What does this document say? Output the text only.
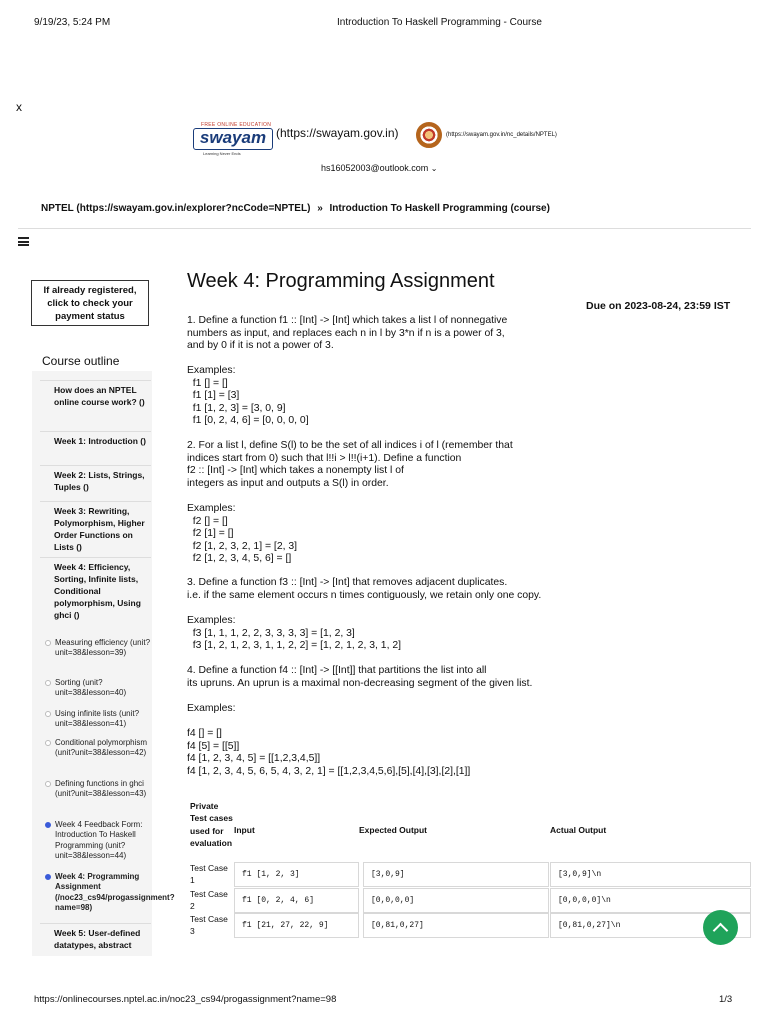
9/19/23, 5:24 PM	Introduction To Haskell Programming - Course
x
FREE ONLINE EDUCATION
swayam
Learning Never Ends
(https://swayam.gov.in)	(https://swayam.gov.in/nc_details/NPTEL)
hs16052003@outlook.com ⌄
NPTEL (https://swayam.gov.in/explorer?ncCode=NPTEL) » Introduction To Haskell Programming (course)
If already registered, click to check your payment status
Course outline
How does an NPTEL online course work? ()
Week 1: Introduction ()
Week 2: Lists, Strings, Tuples ()
Week 3: Rewriting, Polymorphism, Higher Order Functions on Lists ()
Week 4: Efficiency, Sorting, Infinite lists, Conditional polymorphism, Using ghci ()
Measuring efficiency (unit?unit=38&lesson=39)
Sorting (unit?unit=38&lesson=40)
Using infinite lists (unit?unit=38&lesson=41)
Conditional polymorphism (unit?unit=38&lesson=42)
Defining functions in ghci (unit?unit=38&lesson=43)
Week 4 Feedback Form: Introduction To Haskell Programming (unit?unit=38&lesson=44)
Week 4: Programming Assignment (/noc23_cs94/progassignment?name=98)
Week 5: User-defined datatypes, abstract
Week 4: Programming Assignment
Due on 2023-08-24, 23:59 IST
1. Define a function f1 :: [Int] -> [Int] which takes a list l of nonnegative
numbers as input, and replaces each n in l by 3*n if n is a power of 3,
and by 0 if it is not a power of 3.
Examples:
f1 [] = []
f1 [1] = [3]
f1 [1, 2, 3] = [3, 0, 9]
f1 [0, 2, 4, 6] = [0, 0, 0, 0]
2. For a list l, define S(l) to be the set of all indices i of l (remember that
indices start from 0) such that l!!i > l!!(i+1). Define a function
f2 :: [Int] -> [Int] which takes a nonempty list l of
integers as input and outputs a S(l) in order.
Examples:
f2 [] = []
f2 [1] = []
f2 [1, 2, 3, 2, 1] = [2, 3]
f2 [1, 2, 3, 4, 5, 6] = []
3. Define a function f3 :: [Int] -> [Int] that removes adjacent duplicates.
i.e. if the same element occurs n times contiguously, we retain only one copy.
Examples:
f3 [1, 1, 1, 2, 2, 3, 3, 3, 3] = [1, 2, 3]
f3 [1, 2, 1, 2, 3, 1, 1, 2, 2] = [1, 2, 1, 2, 3, 1, 2]
4. Define a function f4 :: [Int] -> [[Int]] that partitions the list into all
its upruns. An uprun is a maximal non-decreasing segment of the given list.
Examples:
f4 [] = []
f4 [5] = [[5]]
f4 [1, 2, 3, 4, 5] = [[1,2,3,4,5]]
f4 [1, 2, 3, 4, 5, 6, 5, 4, 3, 2, 1] = [[1,2,3,4,5,6],[5],[4],[3],[2],[1]]
Private Test cases used for evaluation
Input	Expected Output	Actual Output
Test Case 1
f1 [1, 2, 3]	[3,0,9]	[3,0,9]\n
Test Case 2
f1 [0, 2, 4, 6]	[0,0,0,0]	[0,0,0,0]\n
Test Case 3
f1 [21, 27, 22, 9]	[0,81,0,27]	[0,81,0,27]\n
https://onlinecourses.nptel.ac.in/noc23_cs94/progassignment?name=98	1/3
